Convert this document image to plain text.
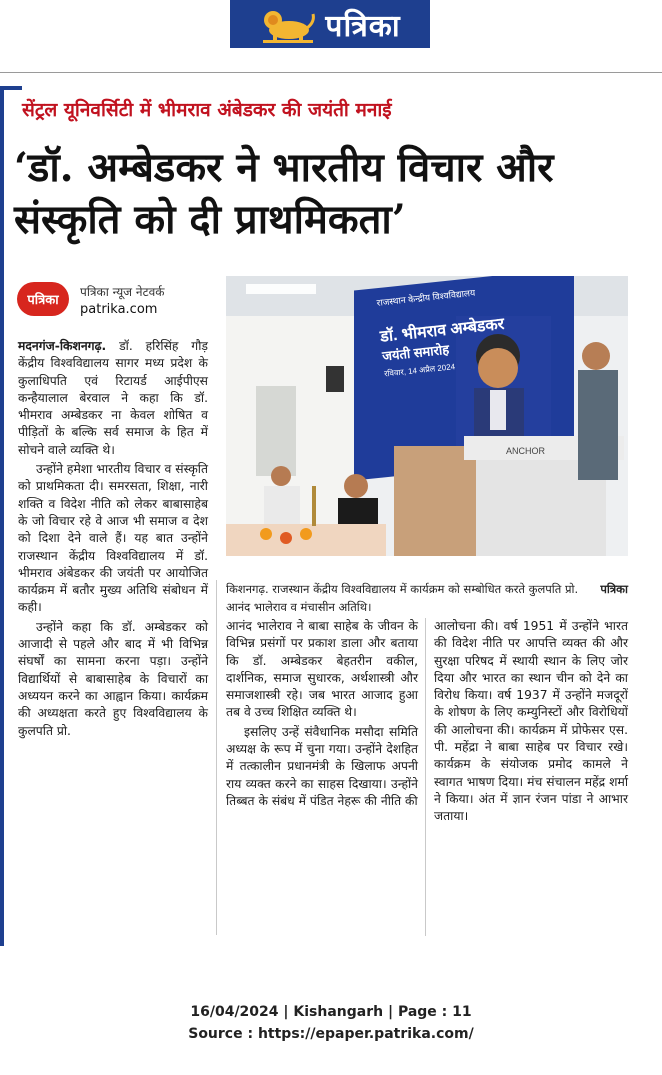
पत्रिका
सेंट्रल यूनिवर्सिटी में भीमराव अंबेडकर की जयंती मनाई
‘डॉ. अम्बेडकर ने भारतीय विचार और संस्कृति को दी प्राथमिकता’
पत्रिका
पत्रिका न्यूज नेटवर्क
patrika.com
ANCHOR
राजस्थान केन्द्रीय विश्वविद्यालय
डॉ. भीमराव अम्बेडकर
जयंती समारोह
रविवार, 14 अप्रैल 2024
पत्रिका
किशनगढ़. राजस्थान केंद्रीय विश्वविद्यालय में कार्यक्रम को सम्बोधित करते कुलपति प्रो. आनंद भालेराव व मंचासीन अतिथि।

मदनगंज-किशनगढ़. डॉ. हरिसिंह गौड़ केंद्रीय विश्वविद्यालय सागर मध्य प्रदेश के कुलाधिपति एवं रिटायर्ड आईपीएस कन्हैयालाल बेरवाल ने कहा कि डॉ. भीमराव अम्बेडकर ना केवल शोषित व पीड़ितों के बल्कि सर्व समाज के हित में सोचने वाले व्यक्ति थे।

उन्होंने हमेशा भारतीय विचार व संस्कृति को प्राथमिकता दी। समरसता, शिक्षा, नारी शक्ति व विदेश नीति को लेकर बाबासाहेब के जो विचार रहे वे आज भी समाज व देश को दिशा देने वाले हैं। यह बात उन्होंने राजस्थान केंद्रीय विश्वविद्यालय में डॉ. भीमराव अंबेडकर की जयंती पर आयोजित कार्यक्रम में बतौर मुख्य अतिथि संबोधन में कही।

उन्होंने कहा कि डॉ. अम्बेडकर को आजादी से पहले और बाद में भी विभिन्न संघर्षों का सामना करना पड़ा। उन्होंने विद्यार्थियों से बाबासाहेब के विचारों का अध्ययन करने का आह्वान किया। कार्यक्रम की अध्यक्षता करते हुए विश्वविद्यालय के कुलपति प्रो.

आनंद भालेराव ने बाबा साहेब के जीवन के विभिन्न प्रसंगों पर प्रकाश डाला और बताया कि डॉ. अम्बेडकर बेहतरीन वकील, दार्शनिक, समाज सुधारक, अर्थशास्त्री और समाजशास्त्री रहे। जब भारत आजाद हुआ तब वे उच्च शिक्षित व्यक्ति थे।

इसलिए उन्हें संवैधानिक मसौदा समिति अध्यक्ष के रूप में चुना गया। उन्होंने देशहित में तत्कालीन प्रधानमंत्री के खिलाफ अपनी राय व्यक्त करने का साहस दिखाया। उन्होंने तिब्बत के संबंध में पंडित नेहरू की नीति की

आलोचना की। वर्ष 1951 में उन्होंने भारत की विदेश नीति पर आपत्ति व्यक्त की और सुरक्षा परिषद में स्थायी स्थान के लिए जोर दिया और भारत का स्थान चीन को देने का विरोध किया। वर्ष 1937 में उन्होंने मजदूरों के शोषण के लिए कम्युनिस्टों और विरोधियों की आलोचना की। कार्यक्रम में प्रोफेसर एस. पी. महेंद्रा ने बाबा साहेब पर विचार रखे। कार्यक्रम के संयोजक प्रमोद कामले ने स्वागत भाषण दिया। मंच संचालन महेंद्र शर्मा ने किया। अंत में ज्ञान रंजन पांडा ने आभार जताया।

16/04/2024 | Kishangarh | Page : 11
Source : https://epaper.patrika.com/
